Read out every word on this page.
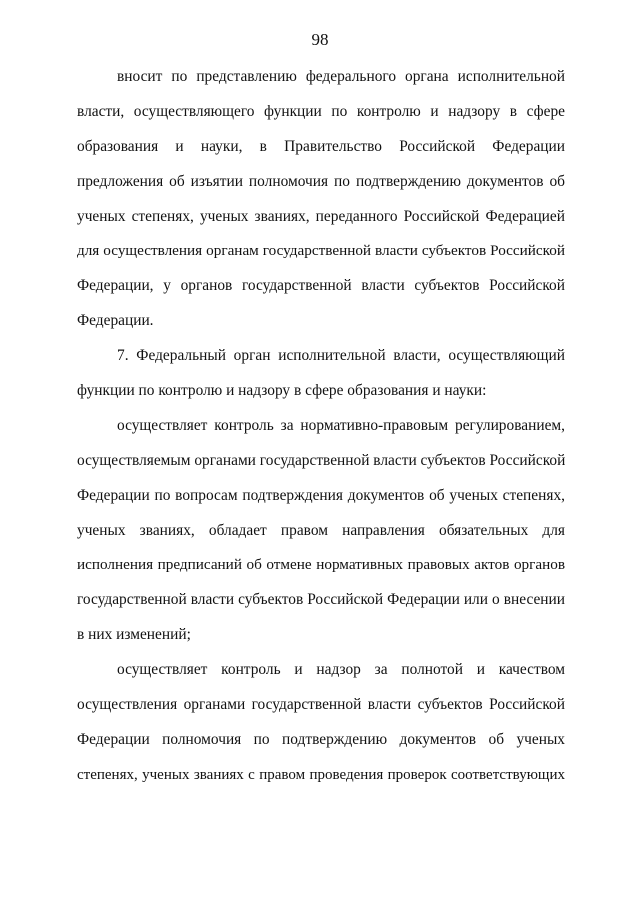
98
вносит по представлению федерального органа исполнительной
власти, осуществляющего функции по контролю и надзору в сфере
образования и науки, в Правительство Российской Федерации
предложения об изъятии полномочия по подтверждению документов об
ученых степенях, ученых званиях, переданного Российской Федерацией
для осуществления органам государственной власти субъектов Российской
Федерации, у органов государственной власти субъектов Российской
Федерации.
7. Федеральный орган исполнительной власти, осуществляющий
функции по контролю и надзору в сфере образования и науки:
осуществляет контроль за нормативно-правовым регулированием,
осуществляемым органами государственной власти субъектов Российской
Федерации по вопросам подтверждения документов об ученых степенях,
ученых званиях, обладает правом направления обязательных для
исполнения предписаний об отмене нормативных правовых актов органов
государственной власти субъектов Российской Федерации или о внесении
в них изменений;
осуществляет контроль и надзор за полнотой и качеством
осуществления органами государственной власти субъектов Российской
Федерации полномочия по подтверждению документов об ученых
степенях, ученых званиях с правом проведения проверок соответствующих
